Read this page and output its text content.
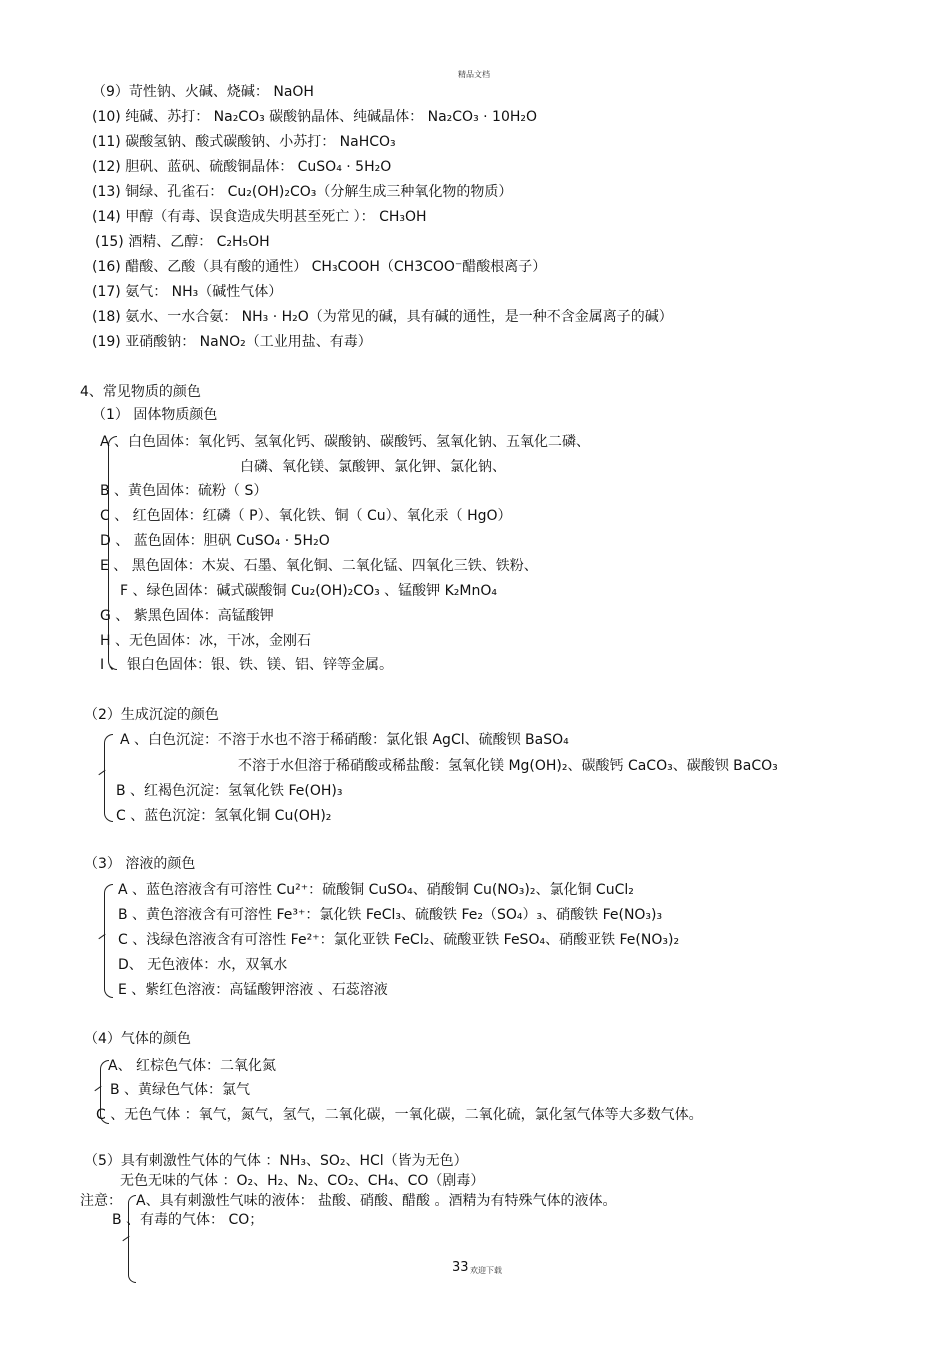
精品文档
（9）苛性钠、火碱、烧碱： NaOH
(10) 纯碱、苏打： Na₂CO₃ 碳酸钠晶体、纯碱晶体： Na₂CO₃ · 10H₂O
(11) 碳酸氢钠、酸式碳酸钠、小苏打： NaHCO₃
(12) 胆矾、蓝矾、硫酸铜晶体： CuSO₄ · 5H₂O
(13) 铜绿、孔雀石： Cu₂(OH)₂CO₃（分解生成三种氧化物的物质）
(14) 甲醇（有毒、误食造成失明甚至死亡 ）： CH₃OH
(15) 酒精、乙醇： C₂H₅OH
(16) 醋酸、乙酸（具有酸的通性） CH₃COOH（CH3COO⁻醋酸根离子）
(17) 氨气： NH₃（碱性气体）
(18) 氨水、一水合氨： NH₃ · H₂O（为常见的碱，具有碱的通性，是一种不含金属离子的碱）
(19) 亚硝酸钠： NaNO₂（工业用盐、有毒）
4、常见物质的颜色
（1） 固体物质颜色
A 、白色固体：氧化钙、氢氧化钙、碳酸钠、碳酸钙、氢氧化钠、五氧化二磷、
白磷、氧化镁、氯酸钾、氯化钾、氯化钠、
B 、黄色固体：硫粉（ S）
C 、 红色固体：红磷（ P）、氧化铁、铜（ Cu）、氧化汞（ HgO）
D 、 蓝色固体：胆矾 CuSO₄ · 5H₂O
E 、 黑色固体：木炭、石墨、氧化铜、二氧化锰、四氧化三铁、铁粉、
F 、绿色固体：碱式碳酸铜 Cu₂(OH)₂CO₃ 、锰酸钾 K₂MnO₄
G 、 紫黑色固体：高锰酸钾
H 、无色固体：冰，干冰，金刚石
I 、 银白色固体：银、铁、镁、铝、锌等金属。
（2）生成沉淀的颜色
A 、白色沉淀：不溶于水也不溶于稀硝酸：氯化银 AgCl、硫酸钡 BaSO₄
不溶于水但溶于稀硝酸或稀盐酸：氢氧化镁 Mg(OH)₂、碳酸钙 CaCO₃、碳酸钡 BaCO₃
B 、红褐色沉淀：氢氧化铁 Fe(OH)₃
C 、蓝色沉淀：氢氧化铜 Cu(OH)₂
（3） 溶液的颜色
A 、蓝色溶液含有可溶性 Cu²⁺：硫酸铜 CuSO₄、硝酸铜 Cu(NO₃)₂、氯化铜 CuCl₂
B 、黄色溶液含有可溶性 Fe³⁺：氯化铁 FeCl₃、硫酸铁 Fe₂（SO₄）₃、硝酸铁 Fe(NO₃)₃
C 、浅绿色溶液含有可溶性 Fe²⁺：氯化亚铁 FeCl₂、硫酸亚铁 FeSO₄、硝酸亚铁 Fe(NO₃)₂
D、 无色液体：水，双氧水
E 、紫红色溶液：高锰酸钾溶液 、石蕊溶液
（4）气体的颜色
A、 红棕色气体：二氧化氮
B 、黄绿色气体：氯气
C 、无色气体 ：氧气，氮气，氢气，二氧化碳，一氧化碳，二氧化硫，氯化氢气体等大多数气体。
（5）具有刺激性气体的气体 ：NH₃、SO₂、HCl（皆为无色）
无色无味的气体 ：O₂、H₂、N₂、CO₂、CH₄、CO（剧毒）
注意： A、具有刺激性气味的液体： 盐酸、硝酸、醋酸 。酒精为有特殊气体的液体。
B 、有毒的气体： CO；
33 欢迎下载
